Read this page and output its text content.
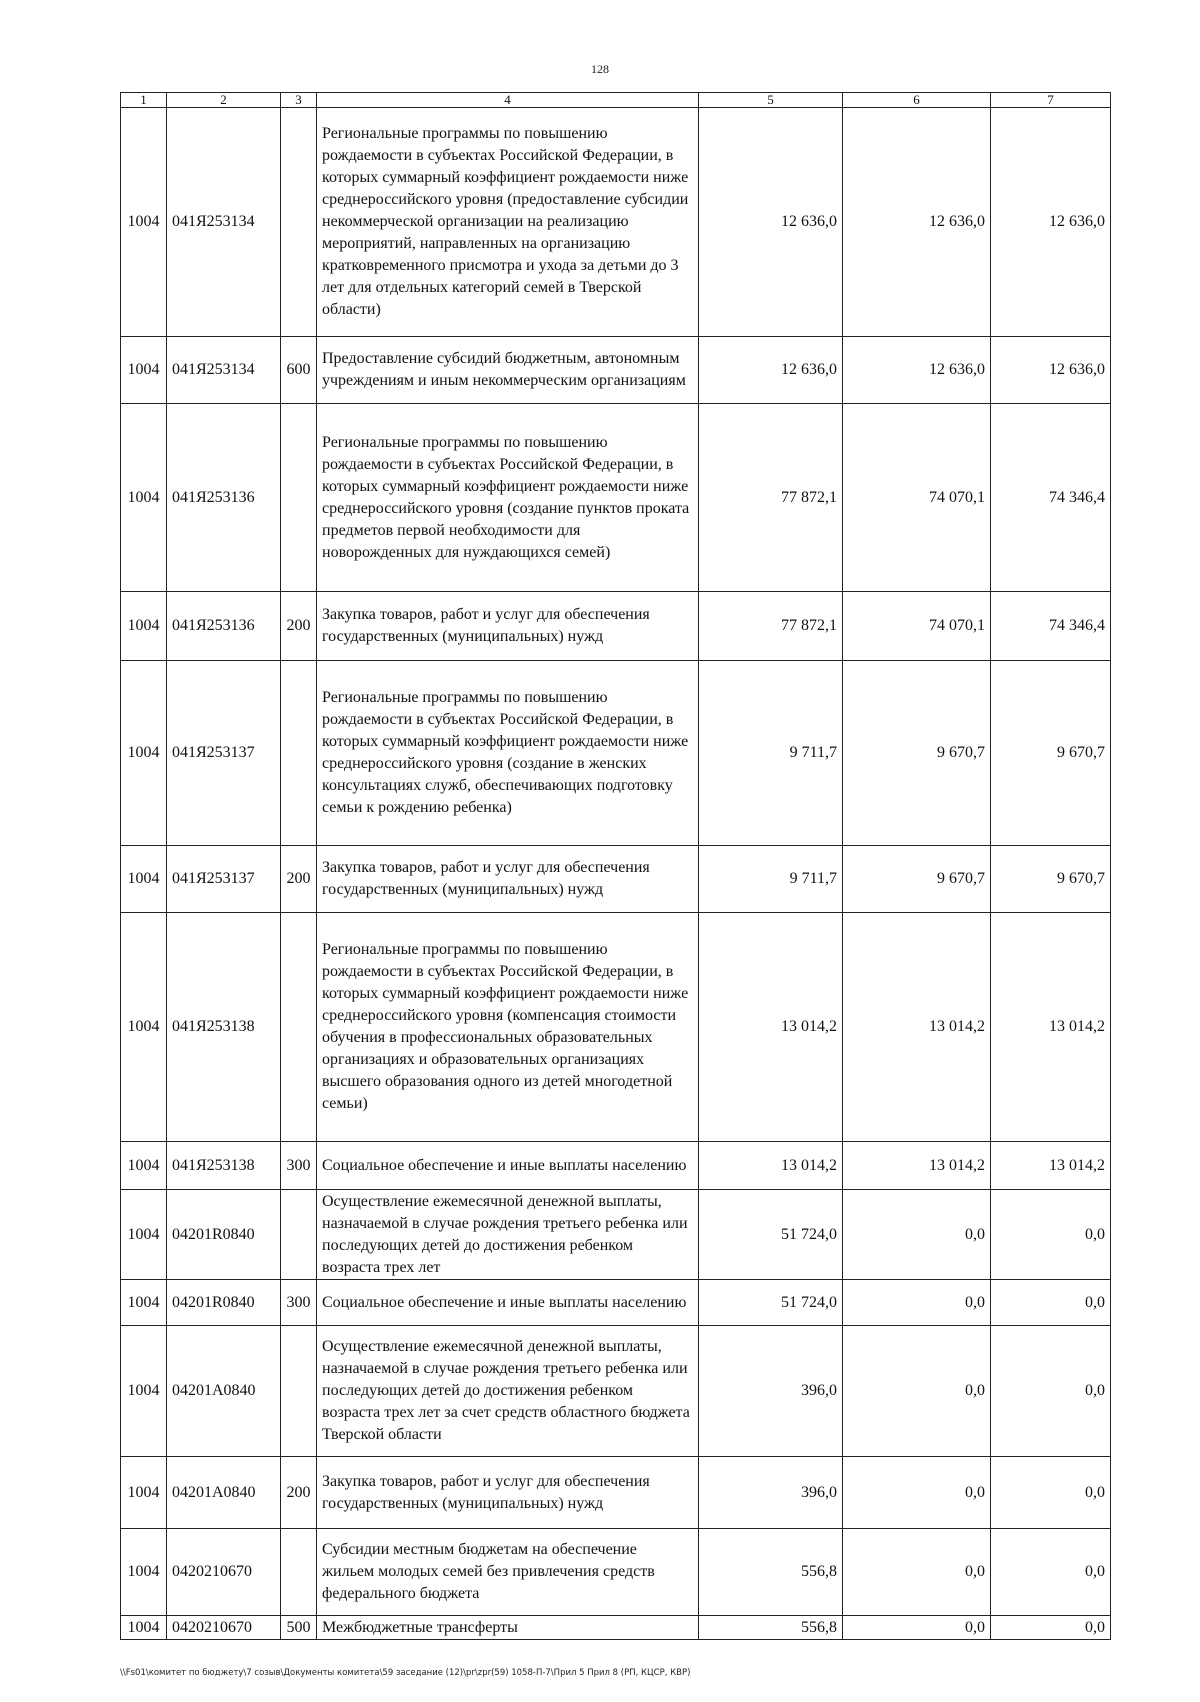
128
1	2	3	4	5	6	7
1004	041Я253134		Региональные программы по повышению рождаемости в субъектах Российской Федерации, в которых суммарный коэффициент рождаемости ниже среднероссийского уровня (предоставление субсидии некоммерческой организации на реализацию мероприятий, направленных на организацию кратковременного присмотра и ухода за детьми до 3 лет для отдельных категорий семей в Тверской области)	12 636,0	12 636,0	12 636,0
1004	041Я253134	600	Предоставление субсидий бюджетным, автономным учреждениям и иным некоммерческим организациям	12 636,0	12 636,0	12 636,0
1004	041Я253136		Региональные программы по повышению рождаемости в субъектах Российской Федерации, в которых суммарный коэффициент рождаемости ниже среднероссийского уровня (создание пунктов проката предметов первой необходимости для новорожденных для нуждающихся семей)	77 872,1	74 070,1	74 346,4
1004	041Я253136	200	Закупка товаров, работ и услуг для обеспечения государственных (муниципальных) нужд	77 872,1	74 070,1	74 346,4
1004	041Я253137		Региональные программы по повышению рождаемости в субъектах Российской Федерации, в которых суммарный коэффициент рождаемости ниже среднероссийского уровня (создание в женских консультациях служб, обеспечивающих подготовку семьи к рождению ребенка)	9 711,7	9 670,7	9 670,7
1004	041Я253137	200	Закупка товаров, работ и услуг для обеспечения государственных (муниципальных) нужд	9 711,7	9 670,7	9 670,7
1004	041Я253138		Региональные программы по повышению рождаемости в субъектах Российской Федерации, в которых суммарный коэффициент рождаемости ниже среднероссийского уровня (компенсация стоимости обучения в профессиональных образовательных организациях и образовательных организациях высшего образования одного из детей многодетной семьи)	13 014,2	13 014,2	13 014,2
1004	041Я253138	300	Социальное обеспечение и иные выплаты населению	13 014,2	13 014,2	13 014,2
1004	04201R0840		Осуществление ежемесячной денежной выплаты, назначаемой в случае рождения третьего ребенка или последующих детей до достижения ребенком возраста трех лет	51 724,0	0,0	0,0
1004	04201R0840	300	Социальное обеспечение и иные выплаты населению	51 724,0	0,0	0,0
1004	04201A0840		Осуществление ежемесячной денежной выплаты, назначаемой в случае рождения третьего ребенка или последующих детей до достижения ребенком возраста трех лет за счет средств областного бюджета Тверской области	396,0	0,0	0,0
1004	04201A0840	200	Закупка товаров, работ и услуг для обеспечения государственных (муниципальных) нужд	396,0	0,0	0,0
1004	0420210670		Субсидии местным бюджетам на обеспечение жильем молодых семей без привлечения средств федерального бюджета	556,8	0,0	0,0
1004	0420210670	500	Межбюджетные трансферты	556,8	0,0	0,0
\\Fs01\комитет по бюджету\7 созыв\Документы комитета\59 заседание (12)\pr\zpr(59) 1058-П-7\Прил 5 Прил 8 (РП, КЦСР, КВР)
